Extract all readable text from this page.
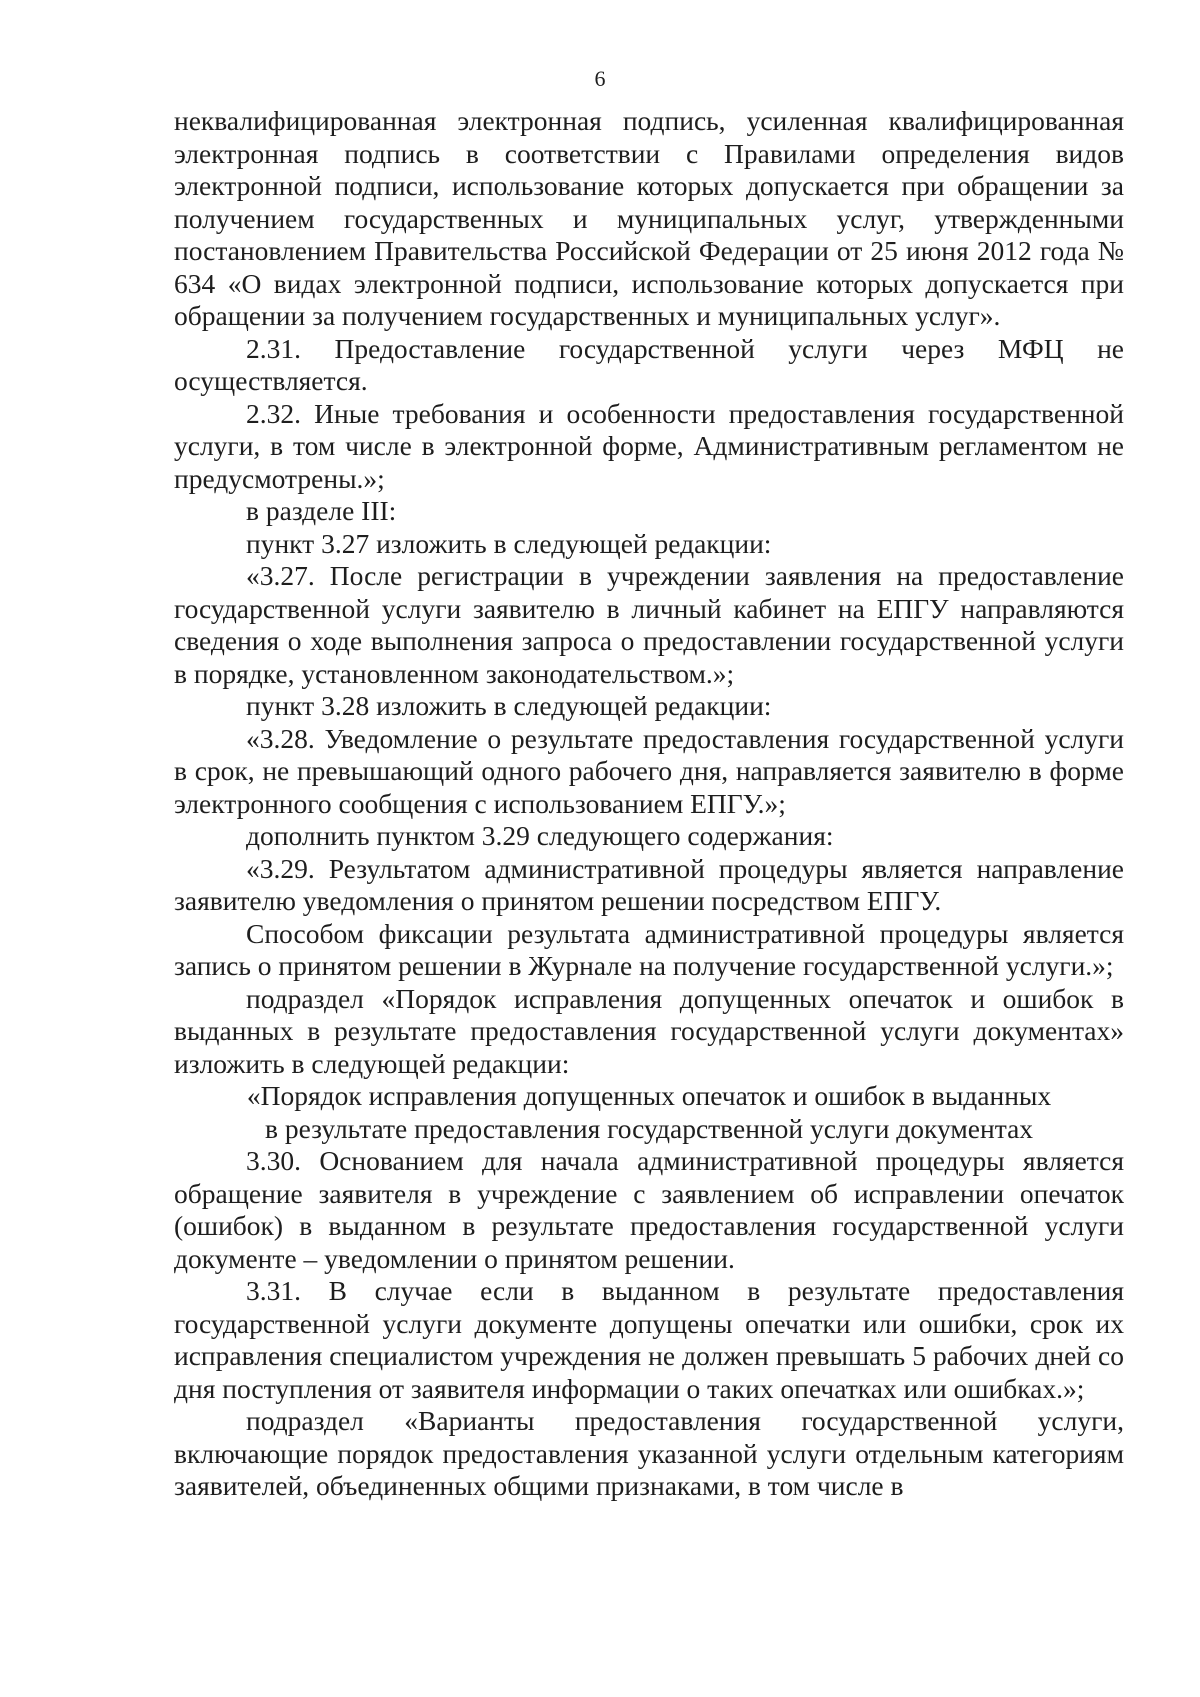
6

неквалифицированная электронная подпись, усиленная квалифицированная электронная подпись в соответствии с Правилами определения видов электронной подписи, использование которых допускается при обращении за получением государственных и муниципальных услуг, утвержденными постановлением Правительства Российской Федерации от 25 июня 2012 года № 634 «О видах электронной подписи, использование которых допускается при обращении за получением государственных и муниципальных услуг».

2.31. Предоставление государственной услуги через МФЦ не осуществляется.

2.32. Иные требования и особенности предоставления государственной услуги, в том числе в электронной форме, Административным регламентом не предусмотрены.»;

в разделе III:

пункт 3.27 изложить в следующей редакции:

«3.27. После регистрации в учреждении заявления на предоставление государственной услуги заявителю в личный кабинет на ЕПГУ направляются сведения о ходе выполнения запроса о предоставлении государственной услуги в порядке, установленном законодательством.»;

пункт 3.28 изложить в следующей редакции:

«3.28. Уведомление о результате предоставления государственной услуги в срок, не превышающий одного рабочего дня, направляется заявителю в форме электронного сообщения с использованием ЕПГУ.»;

дополнить пунктом 3.29 следующего содержания:

«3.29. Результатом административной процедуры является направление заявителю уведомления о принятом решении посредством ЕПГУ.

Способом фиксации результата административной процедуры является запись о принятом решении в Журнале на получение государственной услуги.»;

подраздел «Порядок исправления допущенных опечаток и ошибок в выданных в результате предоставления государственной услуги документах» изложить в следующей редакции:

«Порядок исправления допущенных опечаток и ошибок в выданных

в результате предоставления государственной услуги документах

3.30. Основанием для начала административной процедуры является обращение заявителя в учреждение с заявлением об исправлении опечаток (ошибок) в выданном в результате предоставления государственной услуги документе – уведомлении о принятом решении.

3.31. В случае если в выданном в результате предоставления государственной услуги документе допущены опечатки или ошибки, срок их исправления специалистом учреждения не должен превышать 5 рабочих дней со дня поступления от заявителя информации о таких опечатках или ошибках.»;

подраздел «Варианты предоставления государственной услуги, включающие порядок предоставления указанной услуги отдельным категориям заявителей, объединенных общими признаками, в том числе в
